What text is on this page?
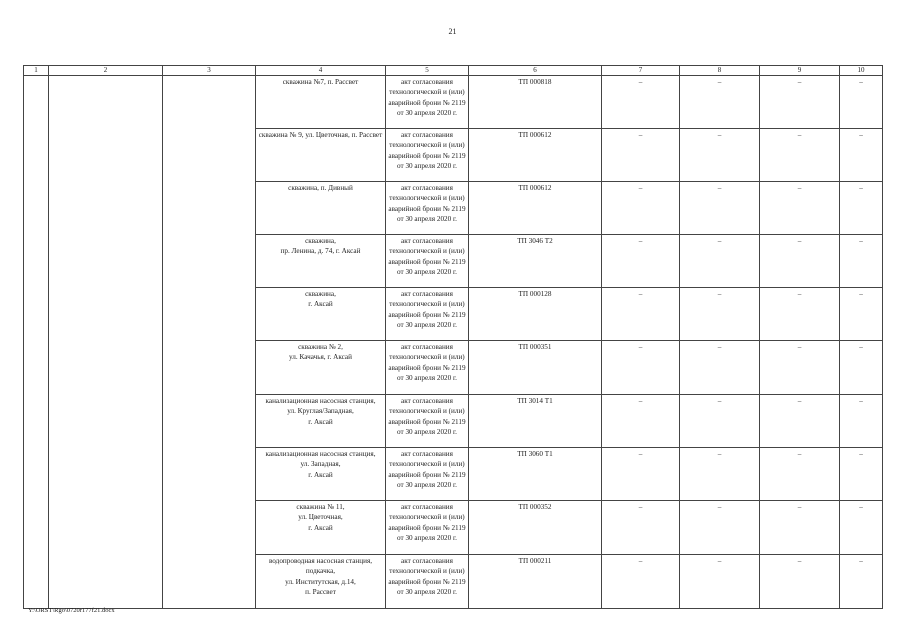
21
1	2	3	4	5	6	7	8	9	10
			скважина №7, п. Рассвет	акт согласования технологической и (или) аварийной брони № 2119 от 30 апреля 2020 г.	ТП 000818	–	–	–	–
			скважина № 9, ул. Цветочная, п. Рассвет	акт согласования технологической и (или) аварийной брони № 2119 от 30 апреля 2020 г.	ТП 000612	–	–	–	–
			скважина, п. Дивный	акт согласования технологической и (или) аварийной брони № 2119 от 30 апреля 2020 г.	ТП 000612	–	–	–	–
			скважина,
пр. Ленина, д. 74, г. Аксай	акт согласования технологической и (или) аварийной брони № 2119 от 30 апреля 2020 г.	ТП 3046 Т2	–	–	–	–
			скважина,
г. Аксай	акт согласования технологической и (или) аварийной брони № 2119 от 30 апреля 2020 г.	ТП 000128	–	–	–	–
			скважина № 2,
ул. Качачья, г. Аксай	акт согласования технологической и (или) аварийной брони № 2119 от 30 апреля 2020 г.	ТП 000351	–	–	–	–
			канализационная насосная станция,
ул. Круглая/Западная,
г. Аксай	акт согласования технологической и (или) аварийной брони № 2119 от 30 апреля 2020 г.	ТП 3014 Т1	–	–	–	–
			канализационная насосная станция,
ул. Западная,
г. Аксай	акт согласования технологической и (или) аварийной брони № 2119 от 30 апреля 2020 г.	ТП 3060 Т1	–	–	–	–
			скважина № 11,
ул. Цветочная,
г. Аксай	акт согласования технологической и (или) аварийной брони № 2119 от 30 апреля 2020 г.	ТП 000352	–	–	–	–
			водопроводная насосная станция, подкачка,
ул. Институтская, д.14,
п. Рассвет	акт согласования технологической и (или) аварийной брони № 2119 от 30 апреля 2020 г.	ТП 000211	–	–	–	–
Y:\ORST\Rgo\0720r177f21.docx
